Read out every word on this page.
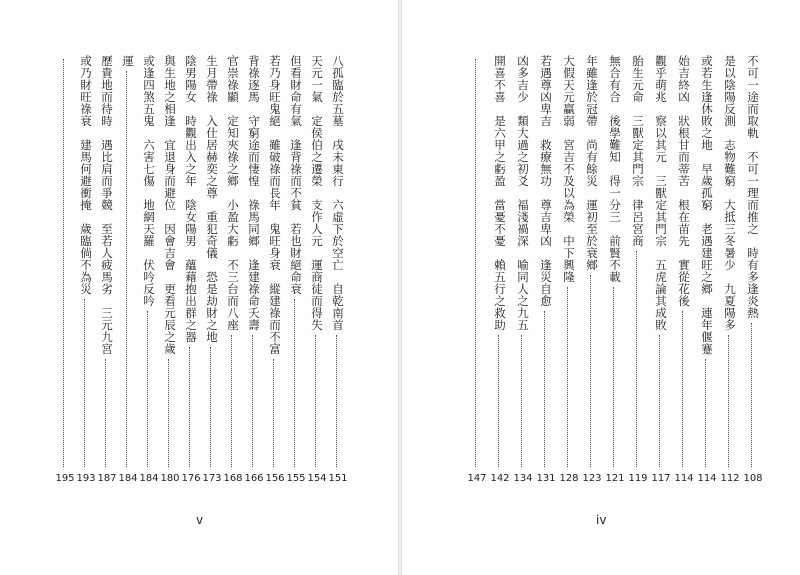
不可一途而取軌　不可一理而推之　時有多逢炎熱
108
是以陰陽反測　志物難窮　大抵三冬暑少　九夏陽多
112
或若生逢休敗之地　早歲孤窮　老遇建旺之鄉　連年偃蹇
114
始吉終凶　狀根甘而蒂苦　根在苗先　實從花後
114
觀乎萌兆　察以其元　三獸定其門宗　五虎論其成敗
117
胎生元命　三獸定其門宗　律呂宮商
119
無合有合　後學難知　得一分三　前賢不載
121
年雖逢於冠帶　尚有餘災　運初至於衰鄉
123
大假天元贏弱　宮吉不及以為榮　中下興隆
128
若遇尊凶卑吉　救療無功　尊吉卑凶　逢災自愈
131
凶多吉少　類大過之初爻　福淺禍深　喻同人之九五
134
開喜不喜　是六甲之虧盈　當憂不憂　賴五行之救助
142
147
iv
八孤臨於五墓　戌未東行　六虛下於空亡　自乾南首
151
天元一氣　定侯伯之遷榮　支作人元　運商徒而得失
154
但看財命有氣　逢背祿而不貧　若也財絕命衰
155
若乃身旺鬼絕　雖破祿而長年　鬼旺身衰　縱建祿而不富
156
背祿逐馬　守窮途而悽惶　祿馬同鄉　逢建祿命夭壽
166
官崇祿顯　定知夾祿之鄉　小盈大虧　不三台而八座
168
生月帶祿　入仕居赫奕之尊　重犯奇儀　恐是劫財之地
173
陰男陽女　時觀出入之年　陰女陽男　蘊藉抱出群之器
176
與生地之相逢　宜退身而避位　因會吉會　更看元辰之歲
180
或逢四煞五鬼　六害七傷　地網天羅　伏吟反吟
184
運
184
歷貴地而待時　遇比肩而爭競　至若人疲馬劣　三元九宮
187
或乃財旺祿衰　建馬何避衝掩　歲臨倘不為災
193
195
v
